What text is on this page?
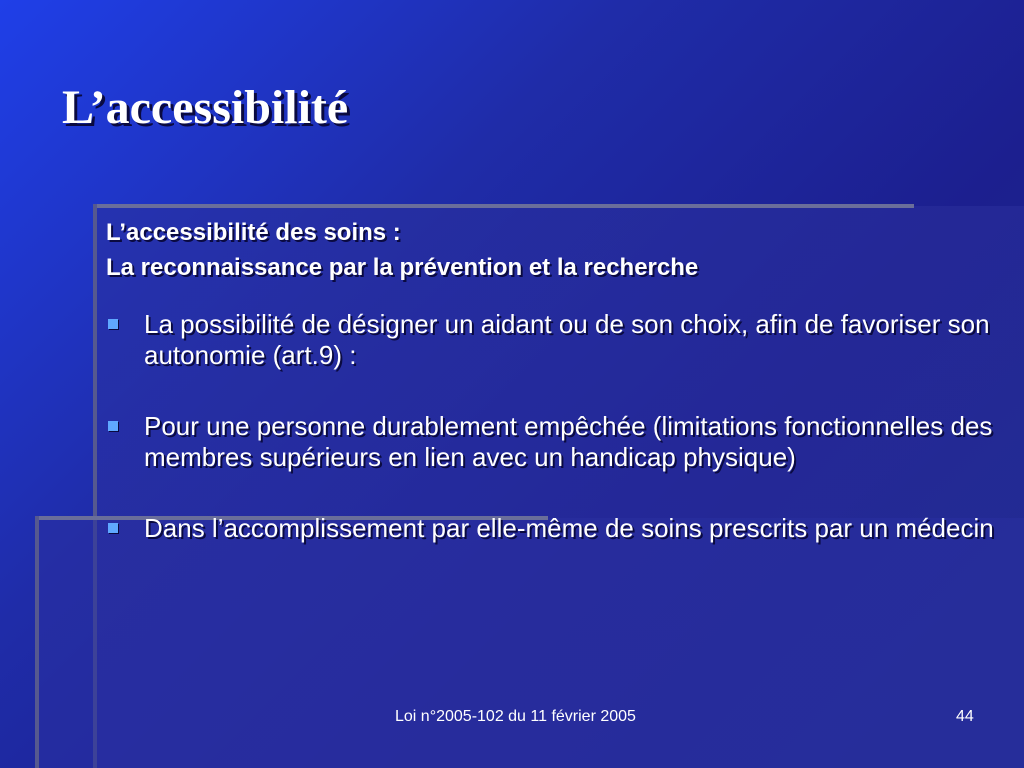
L’accessibilité
L’accessibilité des soins :
La reconnaissance par la prévention et la recherche
La possibilité de désigner un aidant ou de son choix, afin de favoriser son autonomie (art.9) :
Pour une personne durablement empêchée (limitations fonctionnelles des membres supérieurs en lien avec un handicap physique)
Dans l’accomplissement par elle-même de soins prescrits par un médecin
Loi n°2005-102 du 11 février 2005	44
